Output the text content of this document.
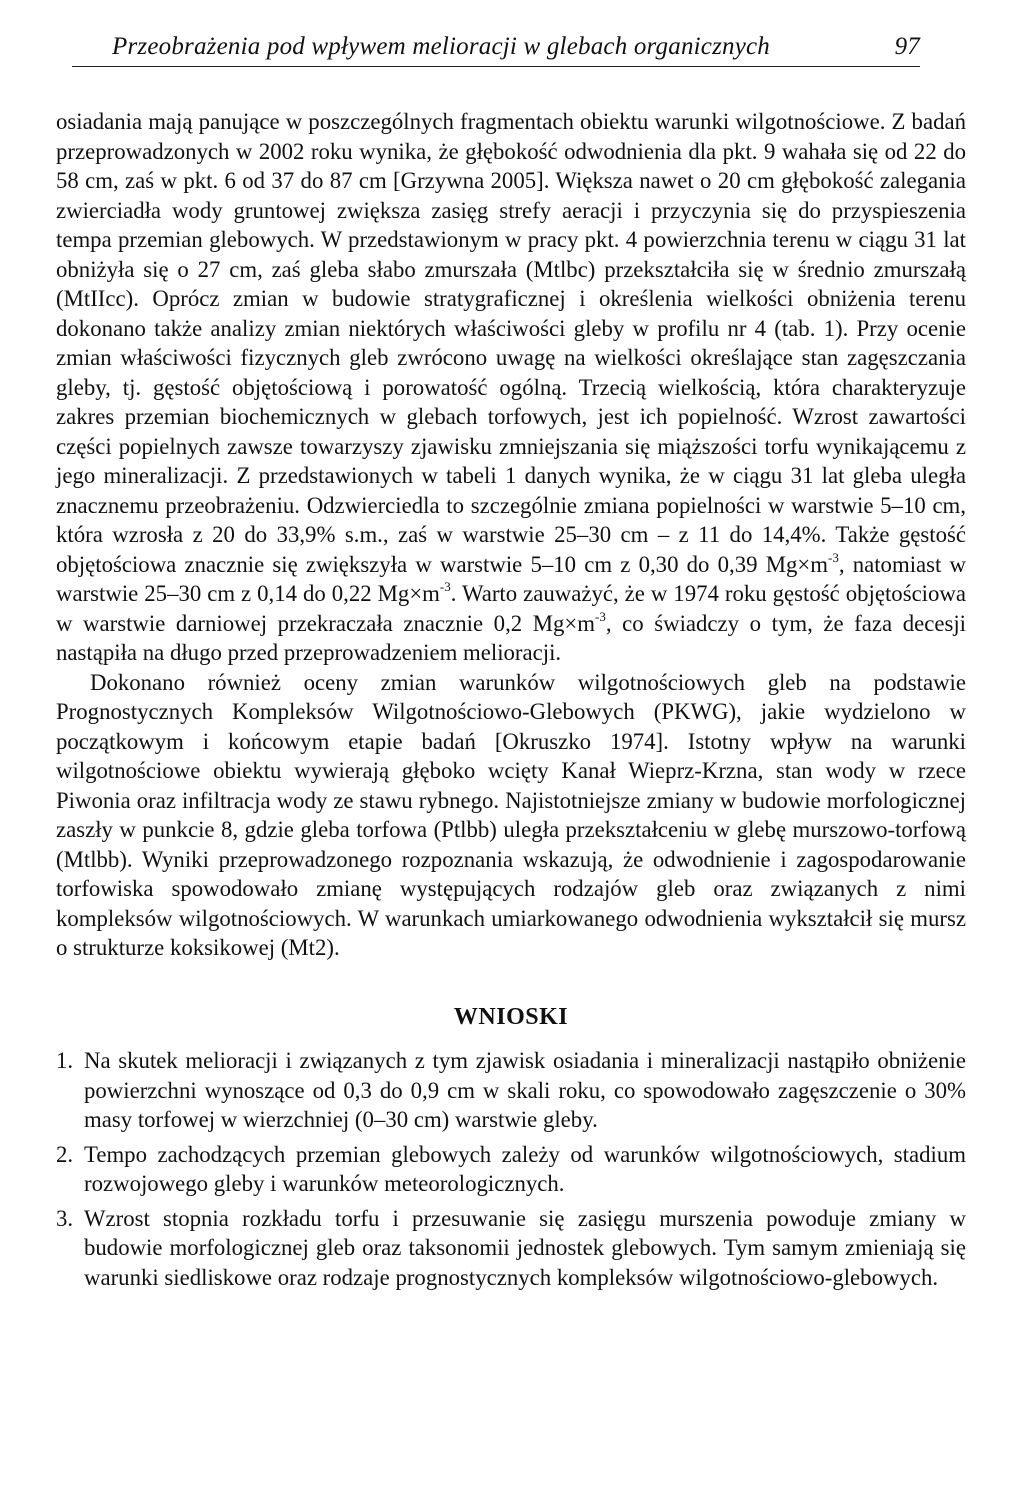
Przeobrażenia pod wpływem melioracji w glebach organicznych	97

osiadania mają panujące w poszczególnych fragmentach obiektu warunki wilgotnościowe. Z badań przeprowadzonych w 2002 roku wynika, że głębokość odwodnienia dla pkt. 9 wahała się od 22 do 58 cm, zaś w pkt. 6 od 37 do 87 cm [Grzywna 2005]. Większa nawet o 20 cm głębokość zalegania zwierciadła wody gruntowej zwiększa zasięg strefy aeracji i przyczynia się do przyspieszenia tempa przemian glebowych. W przedstawionym w pracy pkt. 4 powierzchnia terenu w ciągu 31 lat obniżyła się o 27 cm, zaś gleba słabo zmurszała (Mtlbc) przekształciła się w średnio zmurszałą (MtIIcc). Oprócz zmian w budowie stratygraficznej i określenia wielkości obniżenia terenu dokonano także analizy zmian niektórych właściwości gleby w profilu nr 4 (tab. 1). Przy ocenie zmian właściwości fizycznych gleb zwrócono uwagę na wielkości określające stan zagęszczania gleby, tj. gęstość objętościową i porowatość ogólną. Trzecią wielkością, która charakteryzuje zakres przemian biochemicznych w glebach torfowych, jest ich popielność. Wzrost zawartości części popielnych zawsze towarzyszy zjawisku zmniejszania się miąższości torfu wynikającemu z jego mineralizacji. Z przedstawionych w tabeli 1 danych wynika, że w ciągu 31 lat gleba uległa znacznemu przeobrażeniu. Odzwierciedla to szczególnie zmiana popielności w warstwie 5–10 cm, która wzrosła z 20 do 33,9% s.m., zaś w warstwie 25–30 cm – z 11 do 14,4%. Także gęstość objętościowa znacznie się zwiększyła w warstwie 5–10 cm z 0,30 do 0,39 $Mg\times m^{-3}$, natomiast w warstwie 25–30 cm z 0,14 do 0,22 $Mg\times m^{-3}$. Warto zauważyć, że w 1974 roku gęstość objętościowa w warstwie darniowej przekraczała znacznie 0,2 $Mg\times m^{-3}$, co świadczy o tym, że faza decesji nastąpiła na długo przed przeprowadzeniem melioracji.

Dokonano również oceny zmian warunków wilgotnościowych gleb na podstawie Prognostycznych Kompleksów Wilgotnościowo-Glebowych (PKWG), jakie wydzielono w początkowym i końcowym etapie badań [Okruszko 1974]. Istotny wpływ na warunki wilgotnościowe obiektu wywierają głęboko wcięty Kanał Wieprz-Krzna, stan wody w rzece Piwonia oraz infiltracja wody ze stawu rybnego. Najistotniejsze zmiany w budowie morfologicznej zaszły w punkcie 8, gdzie gleba torfowa (Ptlbb) uległa przekształceniu w glebę murszowo-torfową (Mtlbb). Wyniki przeprowadzonego rozpoznania wskazują, że odwodnienie i zagospodarowanie torfowiska spowodowało zmianę występujących rodzajów gleb oraz związanych z nimi kompleksów wilgotnościowych. W warunkach umiarkowanego odwodnienia wykształcił się mursz o strukturze koksikowej (Mt2).

WNIOSKI
1. Na skutek melioracji i związanych z tym zjawisk osiadania i mineralizacji nastąpiło obniżenie powierzchni wynoszące od 0,3 do 0,9 cm w skali roku, co spowodowało zagęszczenie o 30% masy torfowej w wierzchniej (0–30 cm) warstwie gleby.
2. Tempo zachodzących przemian glebowych zależy od warunków wilgotnościowych, stadium rozwojowego gleby i warunków meteorologicznych.
3. Wzrost stopnia rozkładu torfu i przesuwanie się zasięgu murszenia powoduje zmiany w budowie morfologicznej gleb oraz taksonomii jednostek glebowych. Tym samym zmieniają się warunki siedliskowe oraz rodzaje prognostycznych kompleksów wilgotnościowo-glebowych.
